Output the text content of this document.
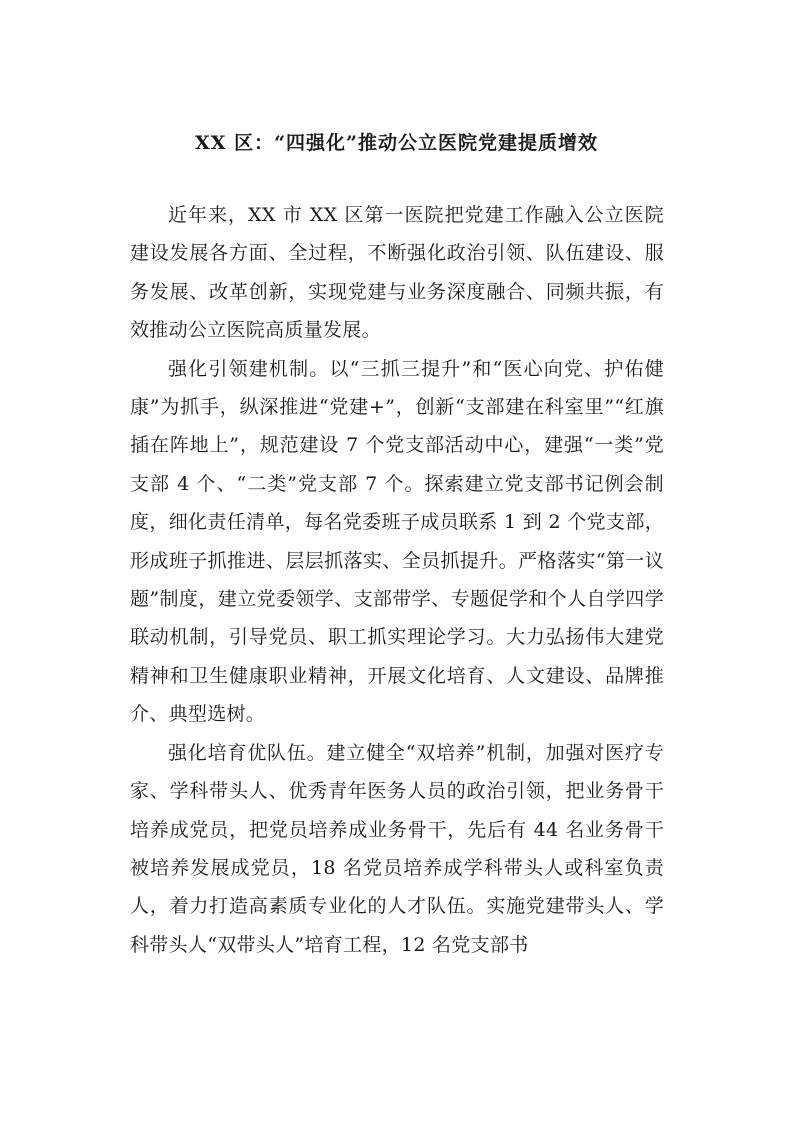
XX 区：“四强化”推动公立医院党建提质增效

近年来，XX 市 XX 区第一医院把党建工作融入公立医院建设发展各方面、全过程，不断强化政治引领、队伍建设、服务发展、改革创新，实现党建与业务深度融合、同频共振，有效推动公立医院高质量发展。

强化引领建机制。以“三抓三提升”和“医心向党、护佑健康”为抓手，纵深推进“党建+”，创新“支部建在科室里”“红旗插在阵地上”，规范建设 7 个党支部活动中心，建强“一类”党支部 4 个、“二类”党支部 7 个。探索建立党支部书记例会制度，细化责任清单，每名党委班子成员联系 1 到 2 个党支部，形成班子抓推进、层层抓落实、全员抓提升。严格落实“第一议题”制度，建立党委领学、支部带学、专题促学和个人自学四学联动机制，引导党员、职工抓实理论学习。大力弘扬伟大建党精神和卫生健康职业精神，开展文化培育、人文建设、品牌推介、典型选树。

强化培育优队伍。建立健全“双培养”机制，加强对医疗专家、学科带头人、优秀青年医务人员的政治引领，把业务骨干培养成党员，把党员培养成业务骨干，先后有 44 名业务骨干被培养发展成党员，18 名党员培养成学科带头人或科室负责人，着力打造高素质专业化的人才队伍。实施党建带头人、学科带头人“双带头人”培育工程，12 名党支部书
